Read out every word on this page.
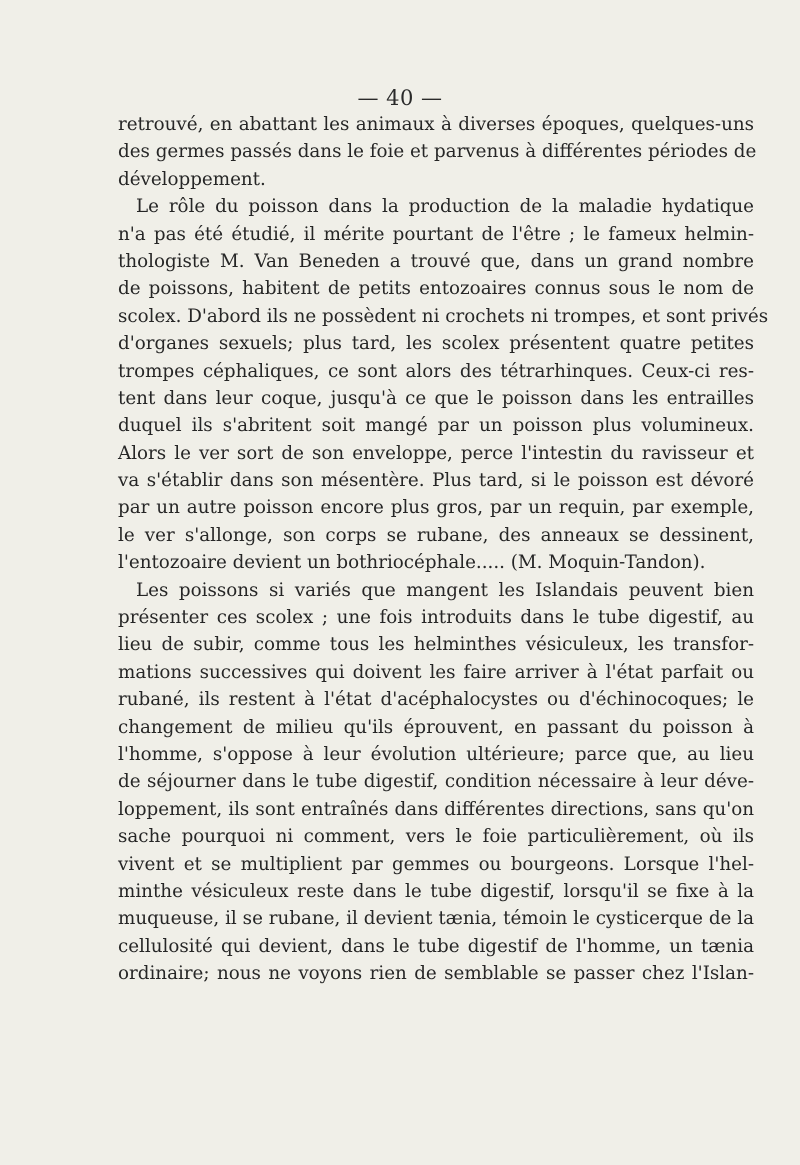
— 40 —
retrouvé, en abattant les animaux à diverses époques, quelques-uns
des germes passés dans le foie et parvenus à différentes périodes de
développement.
Le rôle du poisson dans la production de la maladie hydatique
n'a pas été étudié, il mérite pourtant de l'être ; le fameux helmin-
thologiste M. Van Beneden a trouvé que, dans un grand nombre
de poissons, habitent de petits entozoaires connus sous le nom de
scolex. D'abord ils ne possèdent ni crochets ni trompes, et sont privés
d'organes sexuels; plus tard, les scolex présentent quatre petites
trompes céphaliques, ce sont alors des tétrarhinques. Ceux-ci res-
tent dans leur coque, jusqu'à ce que le poisson dans les entrailles
duquel ils s'abritent soit mangé par un poisson plus volumineux.
Alors le ver sort de son enveloppe, perce l'intestin du ravisseur et
va s'établir dans son mésentère. Plus tard, si le poisson est dévoré
par un autre poisson encore plus gros, par un requin, par exemple,
le ver s'allonge, son corps se rubane, des anneaux se dessinent,
l'entozoaire devient un bothriocéphale..... (M. Moquin-Tandon).
Les poissons si variés que mangent les Islandais peuvent bien
présenter ces scolex ; une fois introduits dans le tube digestif, au
lieu de subir, comme tous les helminthes vésiculeux, les transfor-
mations successives qui doivent les faire arriver à l'état parfait ou
rubané, ils restent à l'état d'acéphalocystes ou d'échinocoques; le
changement de milieu qu'ils éprouvent, en passant du poisson à
l'homme, s'oppose à leur évolution ultérieure; parce que, au lieu
de séjourner dans le tube digestif, condition nécessaire à leur déve-
loppement, ils sont entraînés dans différentes directions, sans qu'on
sache pourquoi ni comment, vers le foie particulièrement, où ils
vivent et se multiplient par gemmes ou bourgeons. Lorsque l'hel-
minthe vésiculeux reste dans le tube digestif, lorsqu'il se fixe à la
muqueuse, il se rubane, il devient tænia, témoin le cysticerque de la
cellulosité qui devient, dans le tube digestif de l'homme, un tænia
ordinaire; nous ne voyons rien de semblable se passer chez l'Islan-
